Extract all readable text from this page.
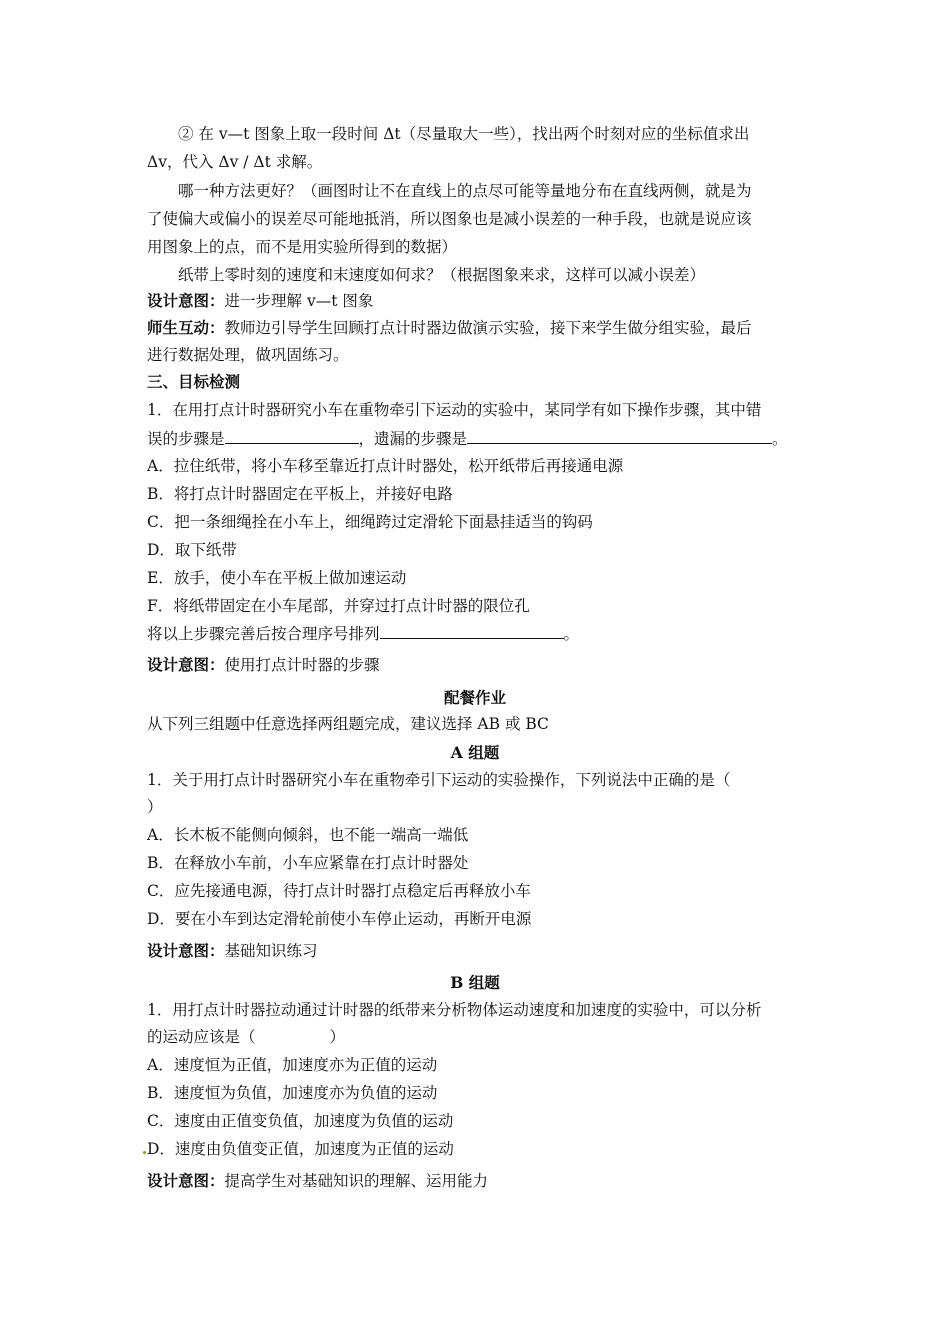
② 在 v—t 图象上取一段时间 Δt（尽量取大一些），找出两个时刻对应的坐标值求出
Δv，代入 Δv / Δt 求解。
哪一种方法更好？（画图时让不在直线上的点尽可能等量地分布在直线两侧，就是为
了使偏大或偏小的误差尽可能地抵消，所以图象也是减小误差的一种手段，也就是说应该
用图象上的点，而不是用实验所得到的数据）
纸带上零时刻的速度和末速度如何求？（根据图象来求，这样可以减小误差）
设计意图：进一步理解 v—t 图象
师生互动：教师边引导学生回顾打点计时器边做演示实验，接下来学生做分组实验，最后
进行数据处理，做巩固练习。
三、目标检测
1．在用打点计时器研究小车在重物牵引下运动的实验中，某同学有如下操作步骤，其中错
误的步骤是	，遗漏的步骤是	。
A．拉住纸带，将小车移至靠近打点计时器处，松开纸带后再接通电源
B．将打点计时器固定在平板上，并接好电路
C．把一条细绳拴在小车上，细绳跨过定滑轮下面悬挂适当的钩码
D．取下纸带
E．放手，使小车在平板上做加速运动
F．将纸带固定在小车尾部，并穿过打点计时器的限位孔
将以上步骤完善后按合理序号排列	。
设计意图：使用打点计时器的步骤
配餐作业
从下列三组题中任意选择两组题完成，建议选择 AB 或 BC
A 组题
1．关于用打点计时器研究小车在重物牵引下运动的实验操作，下列说法中正确的是（
）
A．长木板不能侧向倾斜，也不能一端高一端低
B．在释放小车前，小车应紧靠在打点计时器处
C．应先接通电源，待打点计时器打点稳定后再释放小车
D．要在小车到达定滑轮前使小车停止运动，再断开电源
设计意图：基础知识练习
B 组题
1．用打点计时器拉动通过计时器的纸带来分析物体运动速度和加速度的实验中，可以分析
的运动应该是（	）
A．速度恒为正值，加速度亦为正值的运动
B．速度恒为负值，加速度亦为负值的运动
C．速度由正值变负值，加速度为负值的运动
D．速度由负值变正值，加速度为正值的运动
设计意图：提高学生对基础知识的理解、运用能力
